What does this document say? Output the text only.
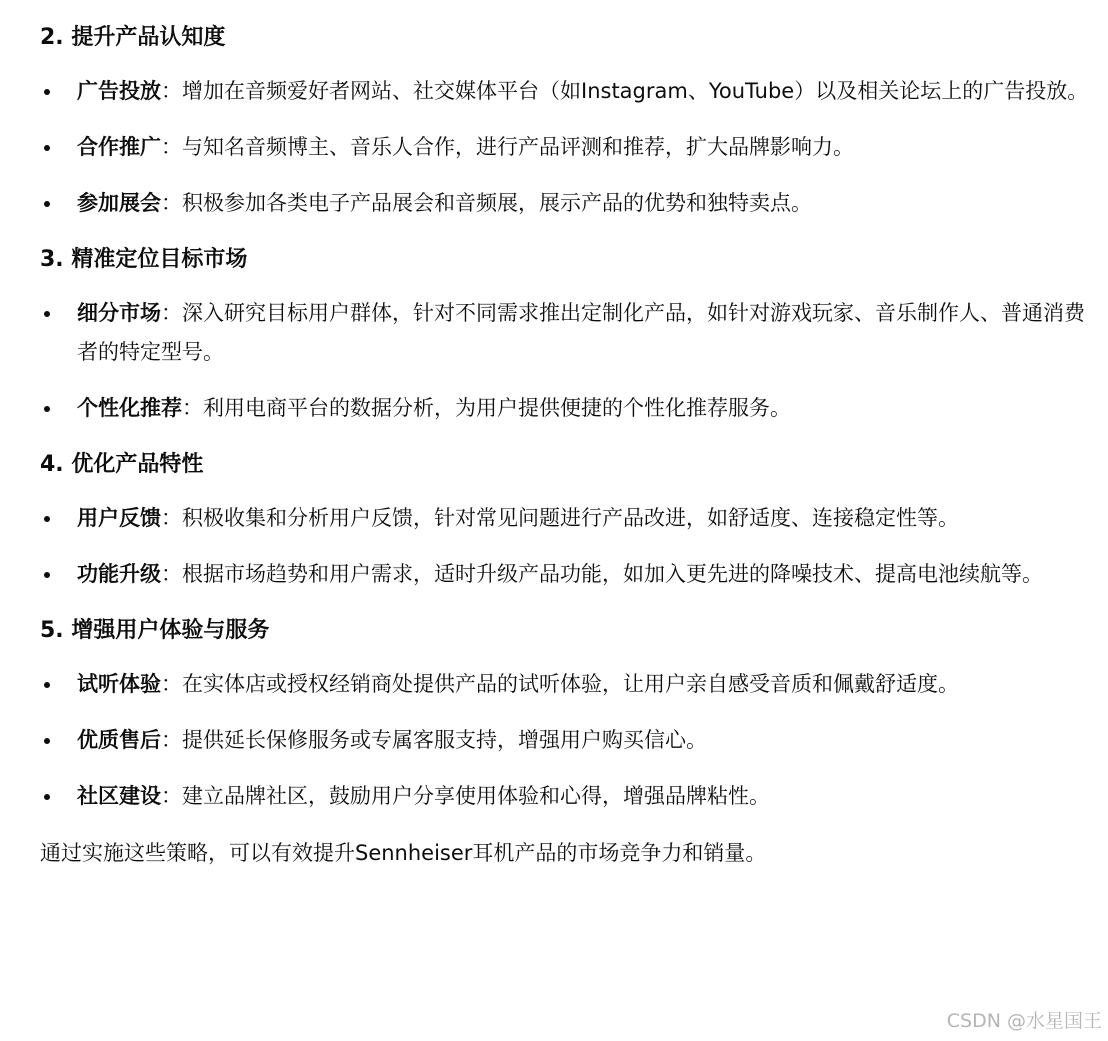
2. 提升产品认知度
广告投放：增加在音频爱好者网站、社交媒体平台（如Instagram、YouTube）以及相关论坛上的广告投放。
合作推广：与知名音频博主、音乐人合作，进行产品评测和推荐，扩大品牌影响力。
参加展会：积极参加各类电子产品展会和音频展，展示产品的优势和独特卖点。
3. 精准定位目标市场
细分市场：深入研究目标用户群体，针对不同需求推出定制化产品，如针对游戏玩家、音乐制作人、普通消费者的特定型号。
个性化推荐：利用电商平台的数据分析，为用户提供便捷的个性化推荐服务。
4. 优化产品特性
用户反馈：积极收集和分析用户反馈，针对常见问题进行产品改进，如舒适度、连接稳定性等。
功能升级：根据市场趋势和用户需求，适时升级产品功能，如加入更先进的降噪技术、提高电池续航等。
5. 增强用户体验与服务
试听体验：在实体店或授权经销商处提供产品的试听体验，让用户亲自感受音质和佩戴舒适度。
优质售后：提供延长保修服务或专属客服支持，增强用户购买信心。
社区建设：建立品牌社区，鼓励用户分享使用体验和心得，增强品牌粘性。
通过实施这些策略，可以有效提升Sennheiser耳机产品的市场竞争力和销量。
CSDN @水星国王
